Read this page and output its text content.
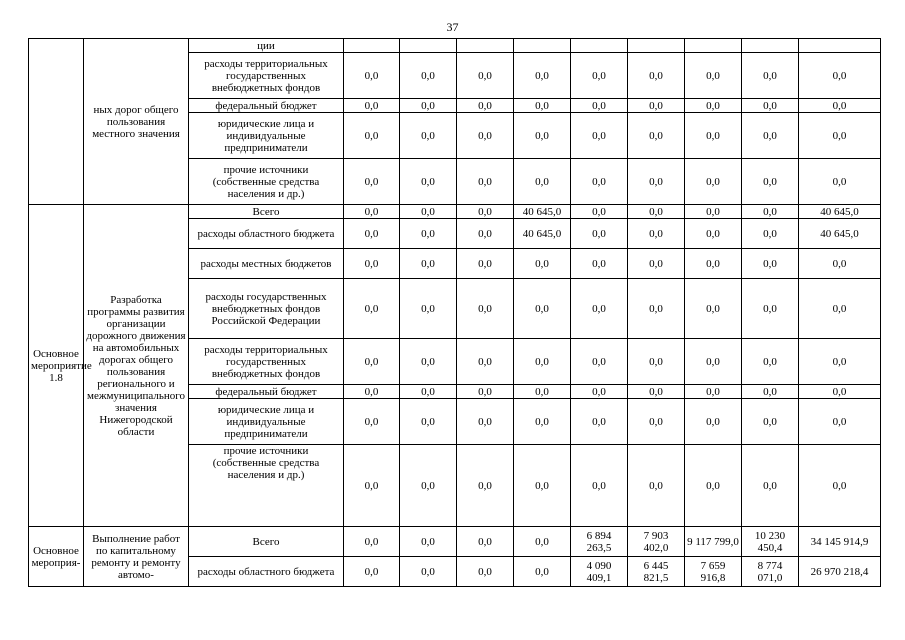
37
	ных дорог общего пользования местного значения	ции									
		расходы территориальных государственных внебюджетных фондов	0,0	0,0	0,0	0,0	0,0	0,0	0,0	0,0	0,0
		федеральный бюджет	0,0	0,0	0,0	0,0	0,0	0,0	0,0	0,0	0,0
		юридические лица и индивидуальные предприниматели	0,0	0,0	0,0	0,0	0,0	0,0	0,0	0,0	0,0
		прочие источники (собственные средства населения и др.)	0,0	0,0	0,0	0,0	0,0	0,0	0,0	0,0	0,0
Основное мероприятие 1.8	Разработка программы развития организации дорожного движения на автомобильных дорогах общего пользования регионального и межмуниципального значения Нижегородской области	Всего	0,0	0,0	0,0	40 645,0	0,0	0,0	0,0	0,0	40 645,0
		расходы областного бюджета	0,0	0,0	0,0	40 645,0	0,0	0,0	0,0	0,0	40 645,0
		расходы местных бюджетов	0,0	0,0	0,0	0,0	0,0	0,0	0,0	0,0	0,0
		расходы государственных внебюджетных фондов Российской Федерации	0,0	0,0	0,0	0,0	0,0	0,0	0,0	0,0	0,0
		расходы территориальных государственных внебюджетных фондов	0,0	0,0	0,0	0,0	0,0	0,0	0,0	0,0	0,0
		федеральный бюджет	0,0	0,0	0,0	0,0	0,0	0,0	0,0	0,0	0,0
		юридические лица и индивидуальные предприниматели	0,0	0,0	0,0	0,0	0,0	0,0	0,0	0,0	0,0
		прочие источники (собственные средства населения и др.)	0,0	0,0	0,0	0,0	0,0	0,0	0,0	0,0	0,0
Основное мероприя-	Выполнение работ по капитальному ремонту и ремонту автомо-	Всего	0,0	0,0	0,0	0,0	6 894 263,5	7 903 402,0	9 117 799,0	10 230 450,4	34 145 914,9
		расходы областного бюджета	0,0	0,0	0,0	0,0	4 090 409,1	6 445 821,5	7 659 916,8	8 774 071,0	26 970 218,4
